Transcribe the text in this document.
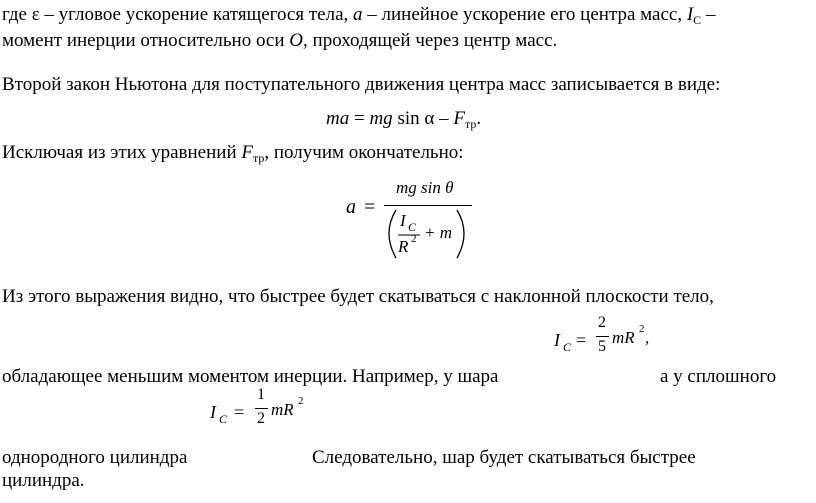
где ε – угловое ускорение катящегося тела, a – линейное ускорение его центра масс, $I_C$ –
момент инерции относительно оси O, проходящей через центр масс.
Второй закон Ньютона для поступательного движения центра масс записывается в виде:
ma = mg sin α – $F_{тр}$.
Исключая из этих уравнений $F_{тр}$, получим окончательно:
a =
mg sin θ
I C
R 2 + m
Из этого выражения видно, что быстрее будет скатываться с наклонной плоскости тело,
I C =
2
5 mR 2 ,
обладающее меньшим моментом инерции. Например, у шара	а у сплошного
I C =
1
2 mR 2
однородного цилиндра	Следовательно, шар будет скатываться быстрее
цилиндра.
